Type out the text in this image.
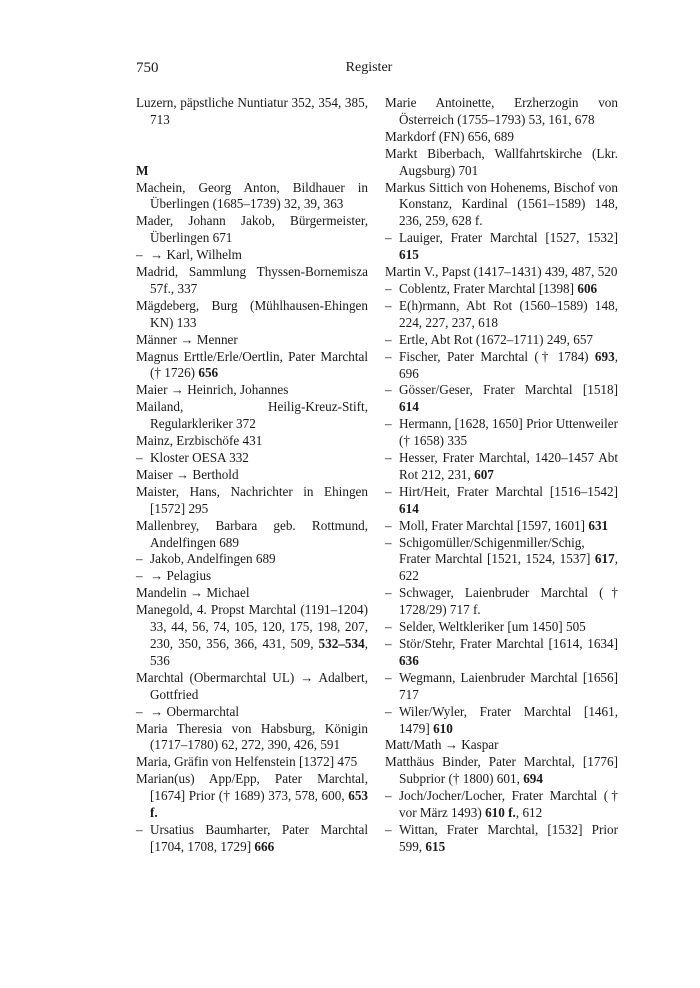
750	Register
Luzern, päpstliche Nuntiatur 352, 354, 385, 713
M
Machein, Georg Anton, Bildhauer in Überlingen (1685–1739) 32, 39, 363
Mader, Johann Jakob, Bürgermeister, Überlingen 671
– → Karl, Wilhelm
Madrid, Sammlung Thyssen-Bornemisza 57f., 337
Mägdeberg, Burg (Mühlhausen-Ehingen KN) 133
Männer → Menner
Magnus Erttle/Erle/Oertlin, Pater Marchtal († 1726) 656
Maier → Heinrich, Johannes
Mailand, Heilig-Kreuz-Stift, Regularkleriker 372
Mainz, Erzbischöfe 431
– Kloster OESA 332
Maiser → Berthold
Maister, Hans, Nachrichter in Ehingen [1572] 295
Mallenbrey, Barbara geb. Rottmund, Andelfingen 689
– Jakob, Andelfingen 689
– → Pelagius
Mandelin → Michael
Manegold, 4. Propst Marchtal (1191–1204) 33, 44, 56, 74, 105, 120, 175, 198, 207, 230, 350, 356, 366, 431, 509, 532–534, 536
Marchtal (Obermarchtal UL) → Adalbert, Gottfried
– → Obermarchtal
Maria Theresia von Habsburg, Königin (1717–1780) 62, 272, 390, 426, 591
Maria, Gräfin von Helfenstein [1372] 475
Marian(us) App/Epp, Pater Marchtal, [1674] Prior († 1689) 373, 578, 600, 653 f.
– Ursatius Baumharter, Pater Marchtal [1704, 1708, 1729] 666
Marie Antoinette, Erzherzogin von Österreich (1755–1793) 53, 161, 678
Markdorf (FN) 656, 689
Markt Biberbach, Wallfahrtskirche (Lkr. Augsburg) 701
Markus Sittich von Hohenems, Bischof von Konstanz, Kardinal (1561–1589) 148, 236, 259, 628 f.
– Lauiger, Frater Marchtal [1527, 1532] 615
Martin V., Papst (1417–1431) 439, 487, 520
– Coblentz, Frater Marchtal [1398] 606
– E(h)rmann, Abt Rot (1560–1589) 148, 224, 227, 237, 618
– Ertle, Abt Rot (1672–1711) 249, 657
– Fischer, Pater Marchtal († 1784) 693, 696
– Gösser/Geser, Frater Marchtal [1518] 614
– Hermann, [1628, 1650] Prior Uttenweiler († 1658) 335
– Hesser, Frater Marchtal, 1420–1457 Abt Rot 212, 231, 607
– Hirt/Heit, Frater Marchtal [1516–1542] 614
– Moll, Frater Marchtal [1597, 1601] 631
– Schigomüller/Schigenmiller/Schig, Frater Marchtal [1521, 1524, 1537] 617, 622
– Schwager, Laienbruder Marchtal († 1728/29) 717 f.
– Selder, Weltkleriker [um 1450] 505
– Stör/Stehr, Frater Marchtal [1614, 1634] 636
– Wegmann, Laienbruder Marchtal [1656] 717
– Wiler/Wyler, Frater Marchtal [1461, 1479] 610
Matt/Math → Kaspar
Matthäus Binder, Pater Marchtal, [1776] Subprior († 1800) 601, 694
– Joch/Jocher/Locher, Frater Marchtal († vor März 1493) 610 f., 612
– Wittan, Frater Marchtal, [1532] Prior 599, 615
